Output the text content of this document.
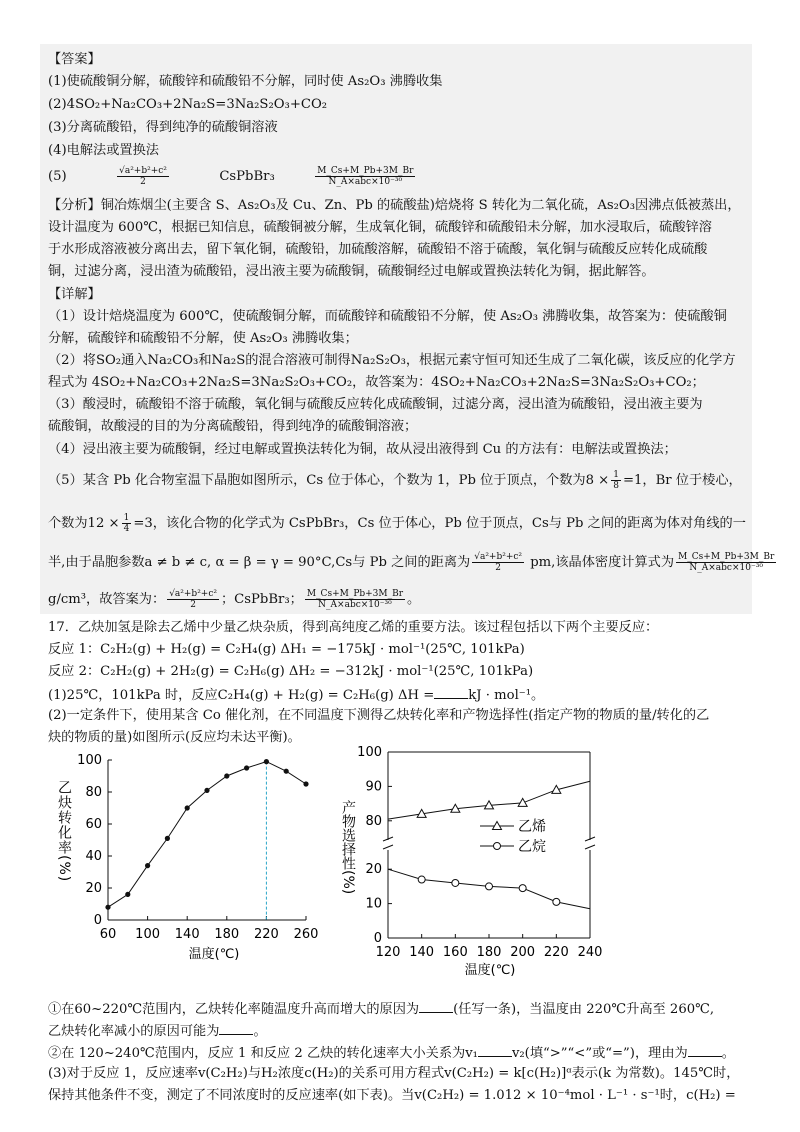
【答案】
(1)使硫酸铜分解，硫酸锌和硫酸铅不分解，同时使 As₂O₃ 沸腾收集
(2)4SO₂+Na₂CO₃+2Na₂S=3Na₂S₂O₃+CO₂
(3)分离硫酸铅，得到纯净的硫酸铜溶液
(4)电解法或置换法
(5)	$\frac{\text{√a²+b²+c²}}{2}$	CsPbBr₃	$\frac{M\_Cs+M\_Pb+3M\_Br}{\text{N\_A×abc×10⁻³⁰}}$
【分析】铜冶炼烟尘(主要含 S、As₂O₃及 Cu、Zn、Pb 的硫酸盐)焙烧将 S 转化为二氧化硫，As₂O₃因沸点低被蒸出，
设计温度为 600℃，根据已知信息，硫酸铜被分解，生成氧化铜，硫酸锌和硫酸铅未分解，加水浸取后，硫酸锌溶
于水形成溶液被分离出去，留下氧化铜，硫酸铅，加硫酸溶解，硫酸铅不溶于硫酸，氧化铜与硫酸反应转化成硫酸
铜，过滤分离，浸出渣为硫酸铅，浸出液主要为硫酸铜，硫酸铜经过电解或置换法转化为铜，据此解答。
【详解】
（1）设计焙烧温度为 600℃，使硫酸铜分解，而硫酸锌和硫酸铅不分解，使 As₂O₃ 沸腾收集，故答案为：使硫酸铜
分解，硫酸锌和硫酸铅不分解，使 As₂O₃ 沸腾收集；
（2）将SO₂通入Na₂CO₃和Na₂S的混合溶液可制得Na₂S₂O₃，根据元素守恒可知还生成了二氧化碳，该反应的化学方
程式为 4SO₂+Na₂CO₃+2Na₂S=3Na₂S₂O₃+CO₂，故答案为：4SO₂+Na₂CO₃+2Na₂S=3Na₂S₂O₃+CO₂；
（3）酸浸时，硫酸铅不溶于硫酸，氧化铜与硫酸反应转化成硫酸铜，过滤分离，浸出渣为硫酸铅，浸出液主要为
硫酸铜，故酸浸的目的为分离硫酸铅，得到纯净的硫酸铜溶液；
（4）浸出液主要为硫酸铜，经过电解或置换法转化为铜，故从浸出液得到 Cu 的方法有：电解法或置换法；
（5）某含 Pb 化合物室温下晶胞如图所示，Cs 位于体心，个数为 1，Pb 位于顶点，个数为$8 \times \frac{1}{8} =1$，Br 位于棱心，
个数为$12 \times \frac{1}{4} =3$，该化合物的化学式为 CsPbBr₃，Cs 位于体心，Pb 位于顶点，Cs与 Pb 之间的距离为体对角线的一
半,由于晶胞参数a ≠ b ≠ c, α = β = γ = 90°C,Cs与 Pb 之间的距离为 $\frac{\text{√a²+b²+c²}}{2}$ pm,该晶体密度计算式为 $\frac{M\_Cs+M\_Pb+3M\_Br}{\text{N\_A×abc×10⁻³⁰}}$
g/cm³，故答案为： $\frac{\text{√a²+b²+c²}}{2}$ ；CsPbBr₃； $\frac{M\_Cs+M\_Pb+3M\_Br}{\text{N\_A×abc×10⁻³⁰}}$ 。
17．乙炔加氢是除去乙烯中少量乙炔杂质，得到高纯度乙烯的重要方法。该过程包括以下两个主要反应：
反应 1：C₂H₂(g) + H₂(g) = C₂H₄(g) ΔH₁ = −175kJ · mol⁻¹(25℃, 101kPa)
反应 2：C₂H₂(g) + 2H₂(g) = C₂H₆(g) ΔH₂ = −312kJ · mol⁻¹(25℃, 101kPa)
(1)25℃，101kPa 时，反应C₂H₄(g) + H₂(g) = C₂H₆(g) ΔH =	kJ · mol⁻¹。
(2)一定条件下，使用某含 Co 催化剂，在不同温度下测得乙炔转化率和产物选择性(指定产物的物质的量/转化的乙
炔的物质的量)如图所示(反应均未达平衡)。
0
20
40
60
80
100
60 100 140 180 220 260
温度(℃)
乙炔转化率(%)
0
10
20
80
90
100
120 140 160 180 200 220 240
乙烯
乙烷
温度(℃)
产物选择性(%)
①在60~220℃范围内，乙炔转化率随温度升高而增大的原因为	(任写一条)，当温度由 220℃升高至 260℃,
乙炔转化率减小的原因可能为	。
②在 120~240℃范围内，反应 1 和反应 2 乙炔的转化速率大小关系为v₁	v₂(填“>”“<”或“=”)，理由为	。
(3)对于反应 1，反应速率v(C₂H₂)与H₂浓度c(H₂)的关系可用方程式v(C₂H₂) = k[c(H₂)]ᵅ表示(k 为常数)。145℃时，
保持其他条件不变，测定了不同浓度时的反应速率(如下表)。当v(C₂H₂) = 1.012 × 10⁻⁴mol · L⁻¹ · s⁻¹时，c(H₂) =
